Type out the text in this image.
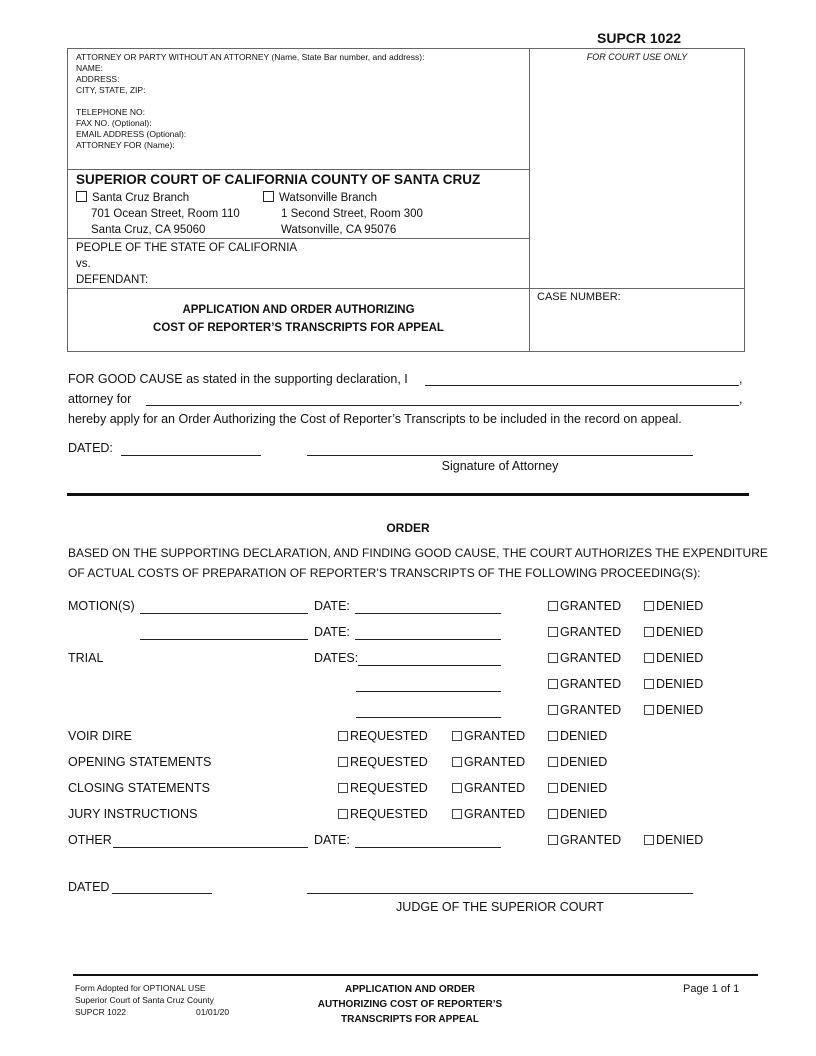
SUPCR 1022
FOR COURT USE ONLY
ATTORNEY OR PARTY WITHOUT AN ATTORNEY (Name, State Bar number, and address):
NAME:
ADDRESS:
CITY, STATE, ZIP:
TELEPHONE NO:
FAX NO. (Optional):
EMAIL ADDRESS (Optional):
ATTORNEY FOR (Name):
SUPERIOR COURT OF CALIFORNIA COUNTY OF SANTA CRUZ
Santa Cruz Branch
701 Ocean Street, Room 110
Santa Cruz, CA 95060
Watsonville Branch
1 Second Street, Room 300
Watsonville, CA 95076
PEOPLE OF THE STATE OF CALIFORNIA
vs.
DEFENDANT:
APPLICATION AND ORDER AUTHORIZING
COST OF REPORTER’S TRANSCRIPTS FOR APPEAL
CASE NUMBER:
FOR GOOD CAUSE as stated in the supporting declaration, I	,
attorney for	,
hereby apply for an Order Authorizing the Cost of Reporter’s Transcripts to be included in the record on appeal.
DATED:
Signature of Attorney
ORDER
BASED ON THE SUPPORTING DECLARATION, AND FINDING GOOD CAUSE, THE COURT AUTHORIZES THE EXPENDITURE
OF ACTUAL COSTS OF PREPARATION OF REPORTER’S TRANSCRIPTS OF THE FOLLOWING PROCEEDING(S):
MOTION(S)	DATE:	GRANTED	DENIED
DATE:	GRANTED	DENIED
TRIAL	DATES:	GRANTED	DENIED
GRANTED	DENIED
GRANTED	DENIED
VOIR DIRE	REQUESTED	GRANTED	DENIED
OPENING STATEMENTS	REQUESTED	GRANTED	DENIED
CLOSING STATEMENTS	REQUESTED	GRANTED	DENIED
JURY INSTRUCTIONS	REQUESTED	GRANTED	DENIED
OTHER	DATE:	GRANTED	DENIED
DATED
JUDGE OF THE SUPERIOR COURT
Form Adopted for OPTIONAL USE
Superior Court of Santa Cruz County
SUPCR 1022	01/01/20
APPLICATION AND ORDER
AUTHORIZING COST OF REPORTER’S
TRANSCRIPTS FOR APPEAL
Page 1 of 1
